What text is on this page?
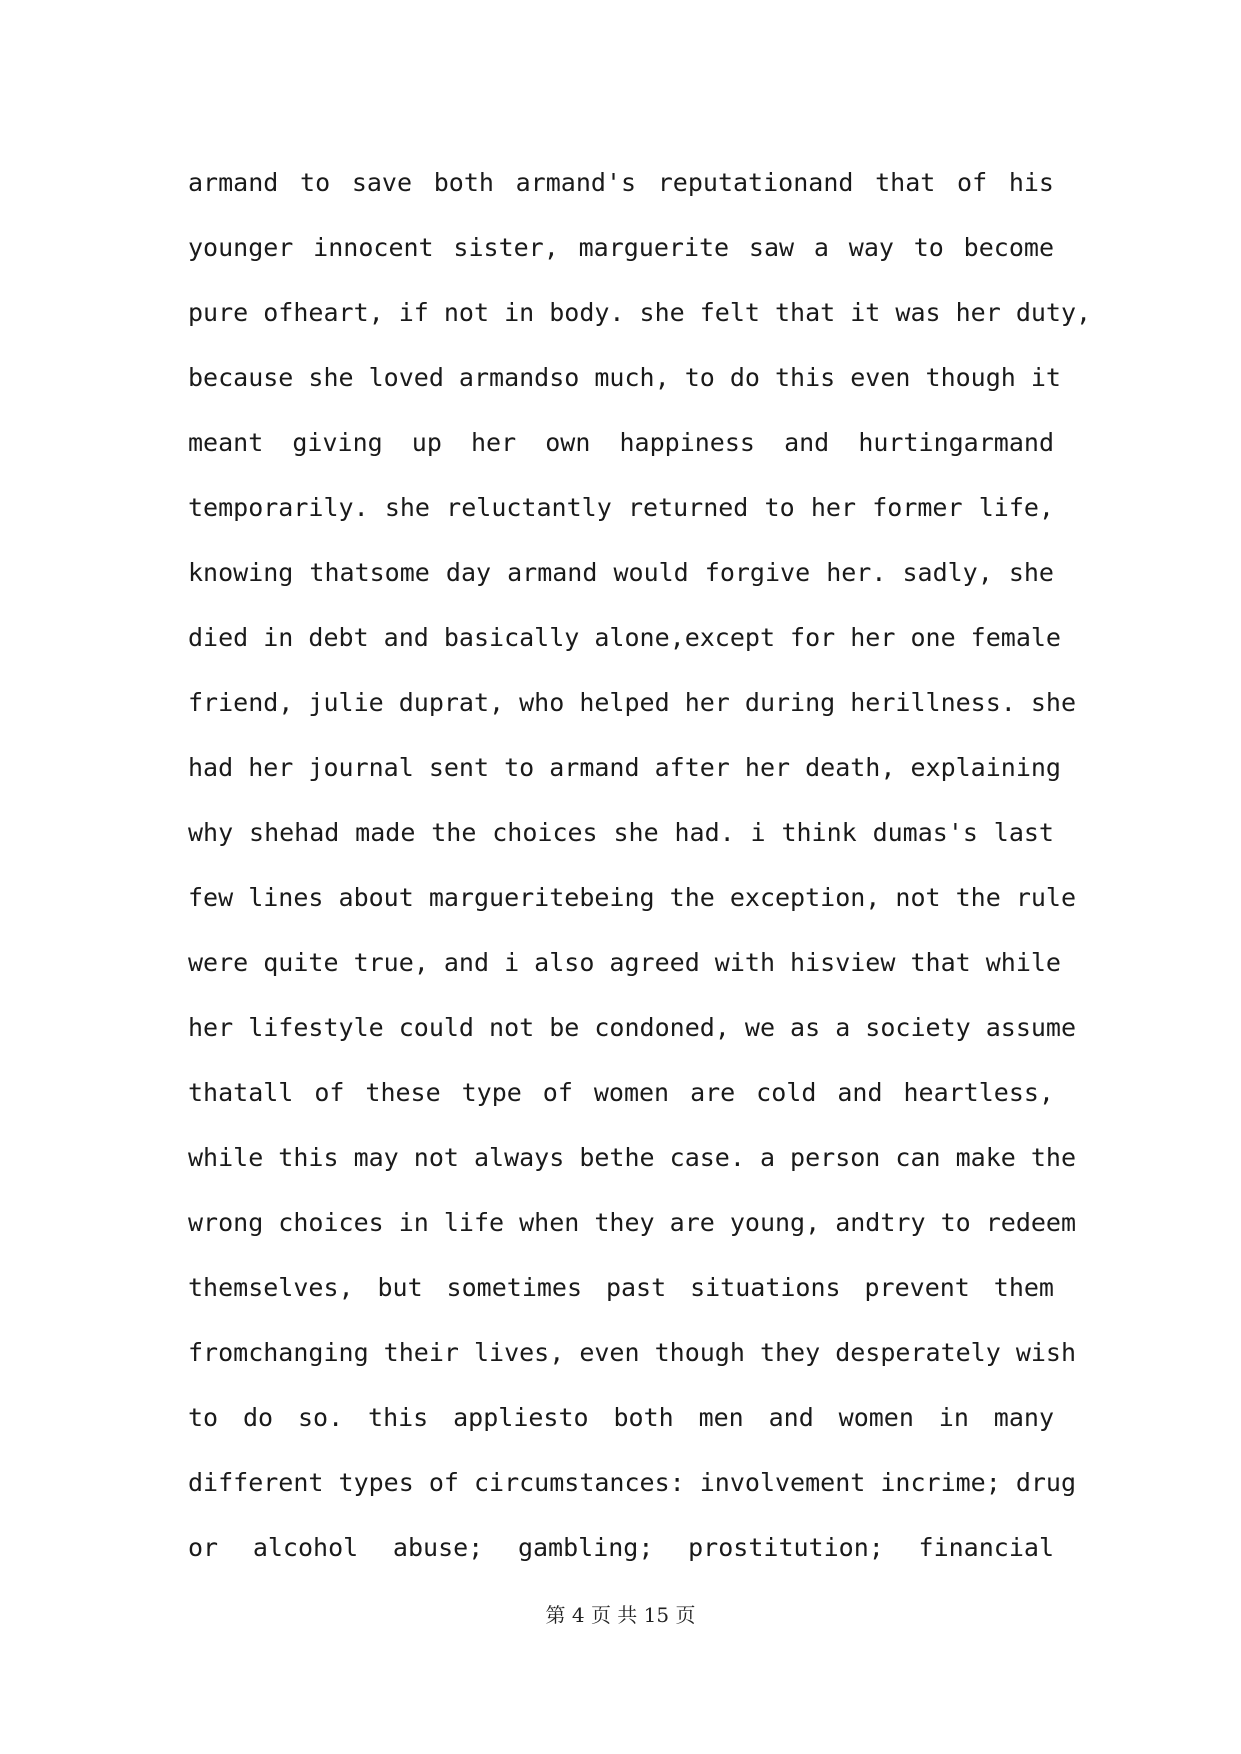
armand to save both armand's reputationand that of his
younger innocent sister, marguerite saw a way to become
pure ofheart, if not in body. she felt that it was her duty,
because she loved armandso much, to do this even though it
meant giving up her own happiness and hurtingarmand
temporarily. she reluctantly returned to her former life,
knowing thatsome day armand would forgive her. sadly, she
died in debt and basically alone,except for her one female
friend, julie duprat, who helped her during herillness. she
had her journal sent to armand after her death, explaining
why shehad made the choices she had. i think dumas's last
few lines about margueritebeing the exception, not the rule
were quite true, and i also agreed with hisview that while
her lifestyle could not be condoned, we as a society assume
thatall of these type of women are cold and heartless,
while this may not always bethe case. a person can make the
wrong choices in life when they are young, andtry to redeem
themselves, but sometimes past situations prevent them
fromchanging their lives, even though they desperately wish
to do so. this appliesto both men and women in many
different types of circumstances: involvement incrime; drug
or alcohol abuse; gambling; prostitution; financial
第 4 页 共 15 页
